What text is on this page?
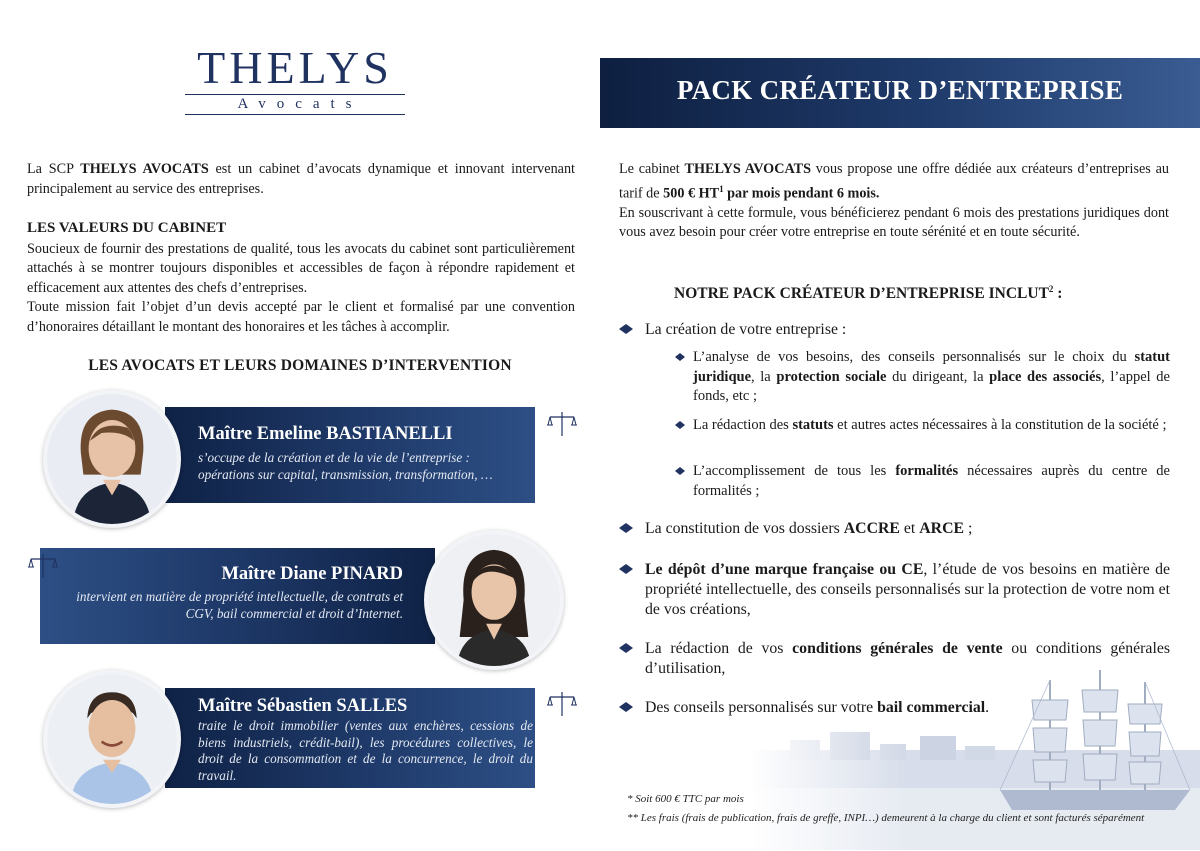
THELYS
Avocats

La SCP THELYS AVOCATS est un cabinet d’avocats dynamique et innovant intervenant principalement au service des entreprises.

LES VALEURS DU CABINET

Soucieux de fournir des prestations de qualité, tous les avocats du cabinet sont particulièrement attachés à se montrer toujours disponibles et accessibles de façon à répondre rapidement et efficacement aux attentes des chefs d’entreprises.

Toute mission fait l’objet d’un devis accepté par le client et formalisé par une convention d’honoraires détaillant le montant des honoraires et les tâches à accomplir.

LES AVOCATS ET LEURS DOMAINES D’INTERVENTION
Maître Emeline BASTIANELLI
s’occupe de la création et de la vie de l’entreprise : opérations sur capital, transmission, transformation, …
Maître Diane PINARD
intervient en matière de propriété intellectuelle, de contrats et CGV, bail commercial et droit d’Internet.
Maître Sébastien SALLES
traite le droit immobilier (ventes aux enchères, cessions de biens industriels, crédit-bail), les procédures collectives, le droit de la consommation et de la concurrence, le droit du travail.
PACK CRÉATEUR D’ENTREPRISE
Le cabinet THELYS AVOCATS vous propose une offre dédiée aux créateurs d’entreprises au tarif de 500 € $HT^1$ par mois pendant 6 mois.
En souscrivant à cette formule, vous bénéficierez pendant 6 mois des prestations juridiques dont vous avez besoin pour créer votre entreprise en toute sérénité et en toute sécurité.
NOTRE PACK CRÉATEUR D’ENTREPRISE INCLUT$^2$ :
La création de votre entreprise :
L’analyse de vos besoins, des conseils personnalisés sur le choix du statut juridique, la protection sociale du dirigeant, la place des associés, l’appel de fonds, etc ;
La rédaction des statuts et autres actes nécessaires à la constitution de la société ;
L’accomplissement de tous les formalités nécessaires auprès du centre de formalités ;
La constitution de vos dossiers ACCRE et ARCE ;
Le dépôt d’une marque française ou CE, l’étude de vos besoins en matière de propriété intellectuelle, des conseils personnalisés sur la protection de votre nom et de vos créations,
La rédaction de vos conditions générales de vente ou conditions générales d’utilisation,
Des conseils personnalisés sur votre bail commercial.
* Soit 600 € TTC par mois
** Les frais (frais de publication, frais de greffe, INPI…) demeurent à la charge du client et sont facturés séparément
